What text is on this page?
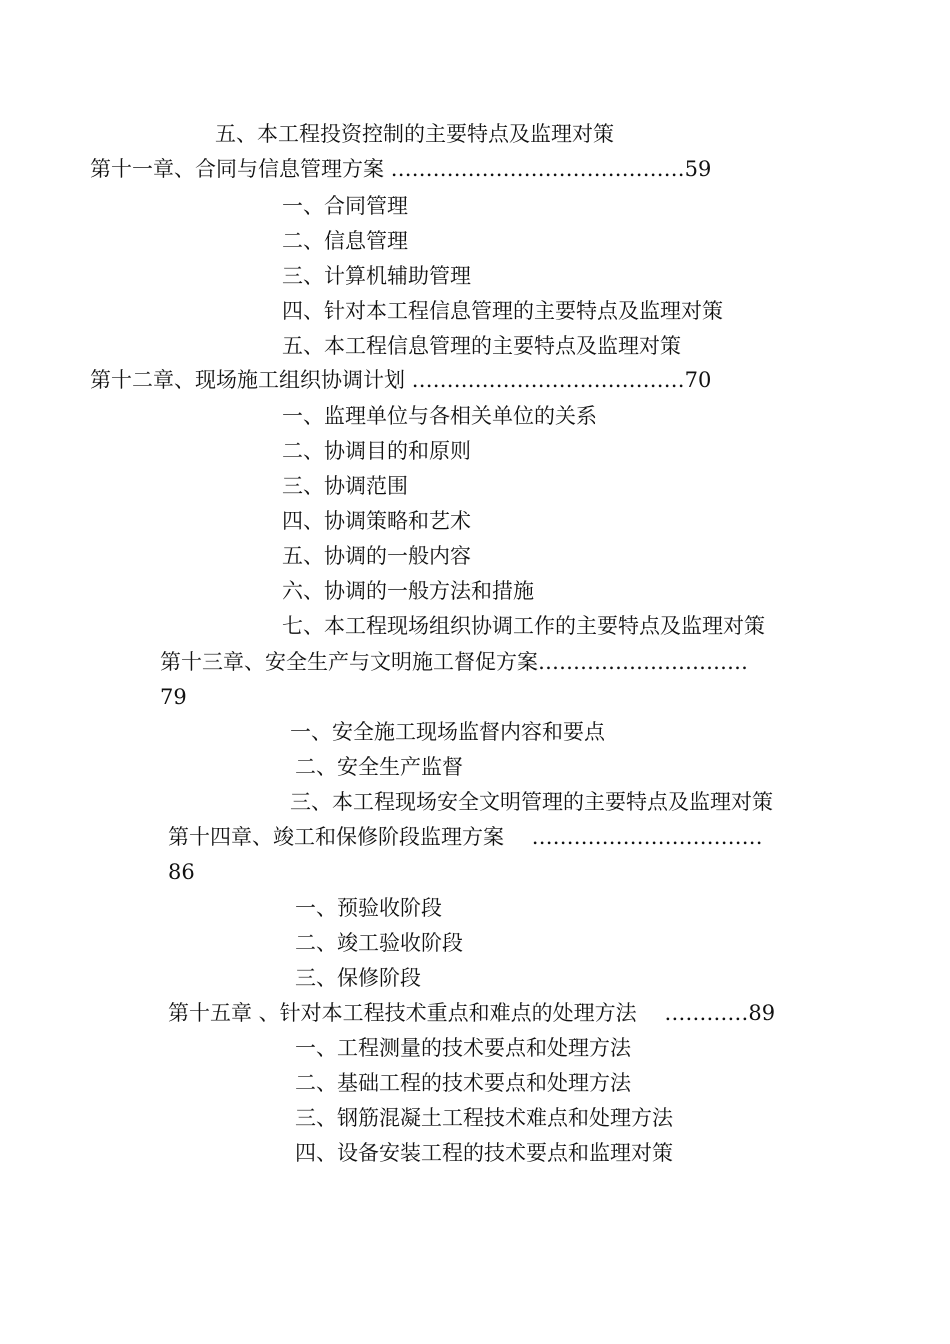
五、本工程投资控制的主要特点及监理对策
第十一章、合同与信息管理方案 ……………………………………59
一、合同管理
二、信息管理
三、计算机辅助管理
四、针对本工程信息管理的主要特点及监理对策
五、本工程信息管理的主要特点及监理对策
第十二章、现场施工组织协调计划 …………………………………70
一、监理单位与各相关单位的关系
二、协调目的和原则
三、协调范围
四、协调策略和艺术
五、协调的一般内容
六、协调的一般方法和措施
七、本工程现场组织协调工作的主要特点及监理对策
第十三章、安全生产与文明施工督促方案…………………………
79
一、安全施工现场监督内容和要点
二、安全生产监督
三、本工程现场安全文明管理的主要特点及监理对策
第十四章、竣工和保修阶段监理方案　 ……………………………
86
一、预验收阶段
二、竣工验收阶段
三、保修阶段
第十五章 、针对本工程技术重点和难点的处理方法　 …………89
一、工程测量的技术要点和处理方法
二、基础工程的技术要点和处理方法
三、钢筋混凝土工程技术难点和处理方法
四、设备安装工程的技术要点和监理对策
